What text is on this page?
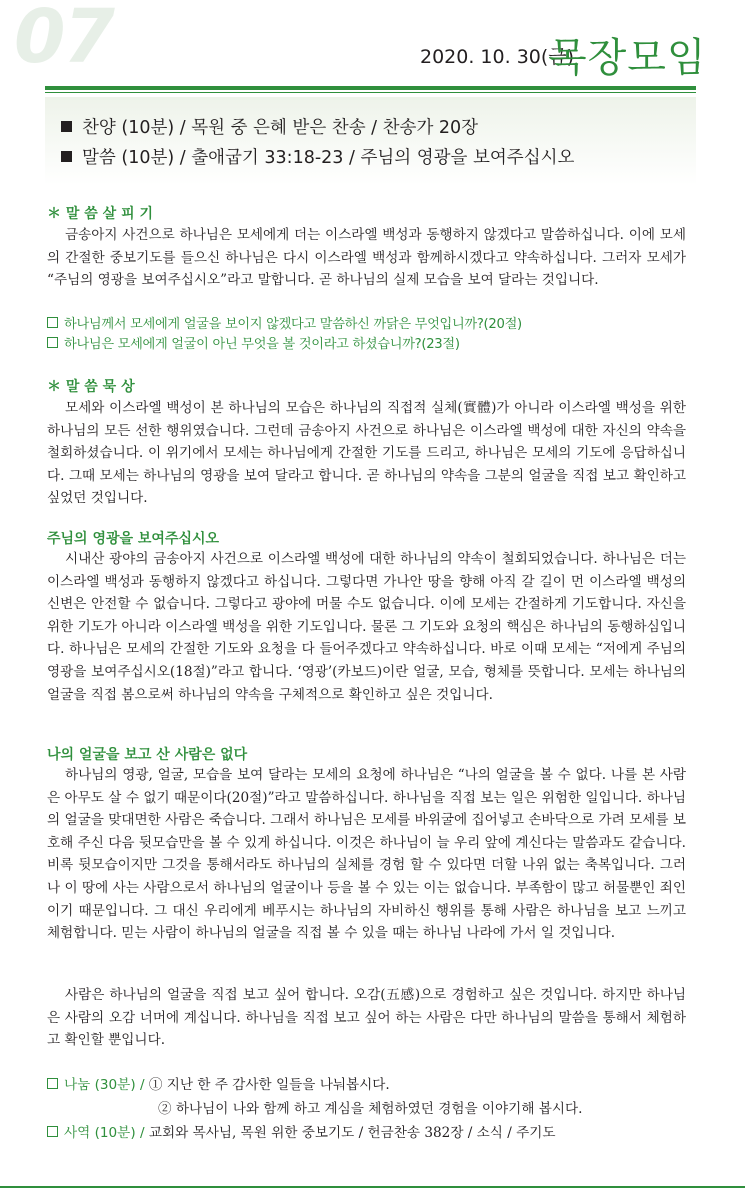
07	2020. 10. 30(금)
목장모임
찬양 (10분) / 목원 중 은혜 받은 찬송 / 찬송가 20장
말씀 (10분) / 출애굽기 33:18-23 / 주님의 영광을 보여주십시오
＊ 말 씀 살 피 기
금송아지 사건으로 하나님은 모세에게 더는 이스라엘 백성과 동행하지 않겠다고 말씀하십니다. 이에 모세의 간절한 중보기도를 들으신 하나님은 다시 이스라엘 백성과 함께하시겠다고 약속하십니다. 그러자 모세가 “주님의 영광을 보여주십시오”라고 말합니다. 곧 하나님의 실제 모습을 보여 달라는 것입니다.
하나님께서 모세에게 얼굴을 보이지 않겠다고 말씀하신 까닭은 무엇입니까?(20절)
하나님은 모세에게 얼굴이 아닌 무엇을 볼 것이라고 하셨습니까?(23절)
＊ 말 씀 묵 상
모세와 이스라엘 백성이 본 하나님의 모습은 하나님의 직접적 실체(實體)가 아니라 이스라엘 백성을 위한 하나님의 모든 선한 행위였습니다. 그런데 금송아지 사건으로 하나님은 이스라엘 백성에 대한 자신의 약속을 철회하셨습니다. 이 위기에서 모세는 하나님에게 간절한 기도를 드리고, 하나님은 모세의 기도에 응답하십니다. 그때 모세는 하나님의 영광을 보여 달라고 합니다. 곧 하나님의 약속을 그분의 얼굴을 직접 보고 확인하고 싶었던 것입니다.
주님의 영광을 보여주십시오
시내산 광야의 금송아지 사건으로 이스라엘 백성에 대한 하나님의 약속이 철회되었습니다. 하나님은 더는 이스라엘 백성과 동행하지 않겠다고 하십니다. 그렇다면 가나안 땅을 향해 아직 갈 길이 먼 이스라엘 백성의 신변은 안전할 수 없습니다. 그렇다고 광야에 머물 수도 없습니다. 이에 모세는 간절하게 기도합니다. 자신을 위한 기도가 아니라 이스라엘 백성을 위한 기도입니다. 물론 그 기도와 요청의 핵심은 하나님의 동행하심입니다. 하나님은 모세의 간절한 기도와 요청을 다 들어주겠다고 약속하십니다. 바로 이때 모세는 “저에게 주님의 영광을 보여주십시오(18절)”라고 합니다. ‘영광’(카보드)이란 얼굴, 모습, 형체를 뜻합니다. 모세는 하나님의 얼굴을 직접 봄으로써 하나님의 약속을 구체적으로 확인하고 싶은 것입니다.
나의 얼굴을 보고 산 사람은 없다
하나님의 영광, 얼굴, 모습을 보여 달라는 모세의 요청에 하나님은 “나의 얼굴을 볼 수 없다. 나를 본 사람은 아무도 살 수 없기 때문이다(20절)”라고 말씀하십니다. 하나님을 직접 보는 일은 위험한 일입니다. 하나님의 얼굴을 맞대면한 사람은 죽습니다. 그래서 하나님은 모세를 바위굴에 집어넣고 손바닥으로 가려 모세를 보호해 주신 다음 뒷모습만을 볼 수 있게 하십니다. 이것은 하나님이 늘 우리 앞에 계신다는 말씀과도 같습니다. 비록 뒷모습이지만 그것을 통해서라도 하나님의 실체를 경험 할 수 있다면 더할 나위 없는 축복입니다. 그러나 이 땅에 사는 사람으로서 하나님의 얼굴이나 등을 볼 수 있는 이는 없습니다. 부족함이 많고 허물뿐인 죄인이기 때문입니다. 그 대신 우리에게 베푸시는 하나님의 자비하신 행위를 통해 사람은 하나님을 보고 느끼고 체험합니다. 믿는 사람이 하나님의 얼굴을 직접 볼 수 있을 때는 하나님 나라에 가서 일 것입니다.
사람은 하나님의 얼굴을 직접 보고 싶어 합니다. 오감(五感)으로 경험하고 싶은 것입니다. 하지만 하나님은 사람의 오감 너머에 계십니다. 하나님을 직접 보고 싶어 하는 사람은 다만 하나님의 말씀을 통해서 체험하고 확인할 뿐입니다.
나눔 (30분) / ① 지난 한 주 감사한 일들을 나눠봅시다.
② 하나님이 나와 함께 하고 계심을 체험하였던 경험을 이야기해 봅시다.
사역 (10분) / 교회와 목사님, 목원 위한 중보기도 / 헌금찬송 382장 / 소식 / 주기도
